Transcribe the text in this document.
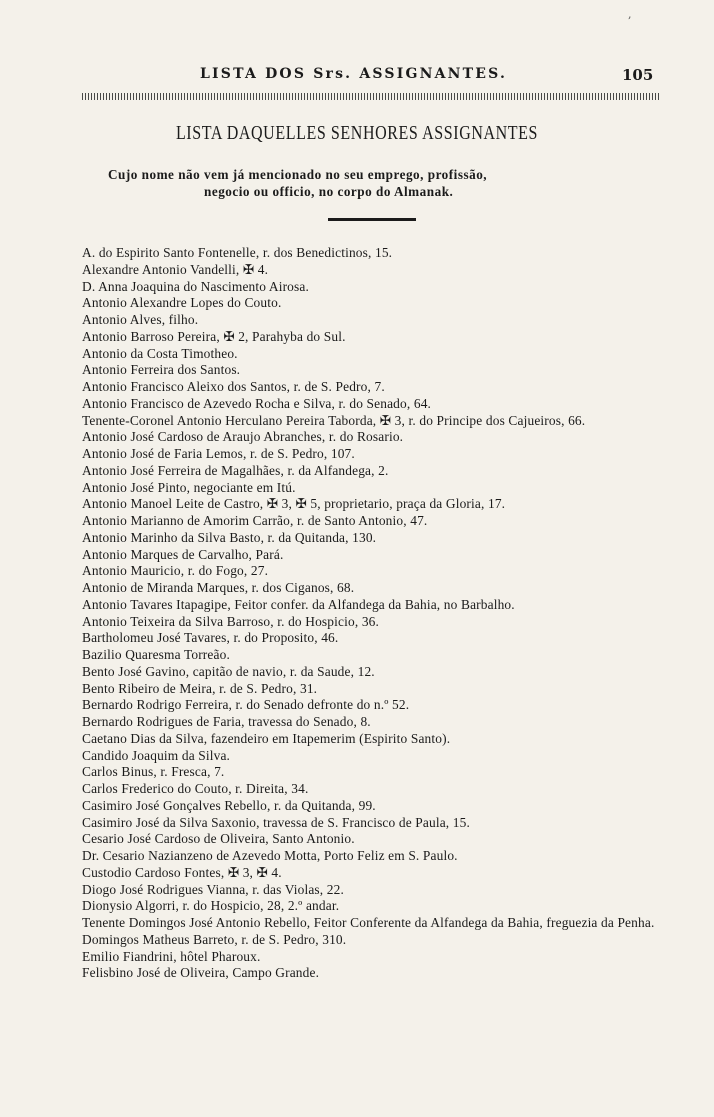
,
LISTA DOS Srs. ASSIGNANTES.	105
LISTA DAQUELLES SENHORES ASSIGNANTES
Cujo nome não vem já mencionado no seu emprego, profissão,
negocio ou officio, no corpo do Almanak.
A. do Espirito Santo Fontenelle, r. dos Benedictinos, 15.
Alexandre Antonio Vandelli, ✠ 4.
D. Anna Joaquina do Nascimento Airosa.
Antonio Alexandre Lopes do Couto.
Antonio Alves, filho.
Antonio Barroso Pereira, ✠ 2, Parahyba do Sul.
Antonio da Costa Timotheo.
Antonio Ferreira dos Santos.
Antonio Francisco Aleixo dos Santos, r. de S. Pedro, 7.
Antonio Francisco de Azevedo Rocha e Silva, r. do Senado, 64.
Tenente-Coronel Antonio Herculano Pereira Taborda, ✠ 3, r. do Principe dos Cajueiros, 66.
Antonio José Cardoso de Araujo Abranches, r. do Rosario.
Antonio José de Faria Lemos, r. de S. Pedro, 107.
Antonio José Ferreira de Magalhães, r. da Alfandega, 2.
Antonio José Pinto, negociante em Itú.
Antonio Manoel Leite de Castro, ✠ 3, ✠ 5, proprietario, praça da Gloria, 17.
Antonio Marianno de Amorim Carrão, r. de Santo Antonio, 47.
Antonio Marinho da Silva Basto, r. da Quitanda, 130.
Antonio Marques de Carvalho, Pará.
Antonio Mauricio, r. do Fogo, 27.
Antonio de Miranda Marques, r. dos Ciganos, 68.
Antonio Tavares Itapagipe, Feitor confer. da Alfandega da Bahia, no Barbalho.
Antonio Teixeira da Silva Barroso, r. do Hospicio, 36.
Bartholomeu José Tavares, r. do Proposito, 46.
Bazilio Quaresma Torreão.
Bento José Gavino, capitão de navio, r. da Saude, 12.
Bento Ribeiro de Meira, r. de S. Pedro, 31.
Bernardo Rodrigo Ferreira, r. do Senado defronte do n.º 52.
Bernardo Rodrigues de Faria, travessa do Senado, 8.
Caetano Dias da Silva, fazendeiro em Itapemerim (Espirito Santo).
Candido Joaquim da Silva.
Carlos Binus, r. Fresca, 7.
Carlos Frederico do Couto, r. Direita, 34.
Casimiro José Gonçalves Rebello, r. da Quitanda, 99.
Casimiro José da Silva Saxonio, travessa de S. Francisco de Paula, 15.
Cesario José Cardoso de Oliveira, Santo Antonio.
Dr. Cesario Nazianzeno de Azevedo Motta, Porto Feliz em S. Paulo.
Custodio Cardoso Fontes, ✠ 3, ✠ 4.
Diogo José Rodrigues Vianna, r. das Violas, 22.
Dionysio Algorri, r. do Hospicio, 28, 2.º andar.
Tenente Domingos José Antonio Rebello, Feitor Conferente da Alfandega da Bahia, freguezia da Penha.
Domingos Matheus Barreto, r. de S. Pedro, 310.
Emilio Fiandrini, hôtel Pharoux.
Felisbino José de Oliveira, Campo Grande.
